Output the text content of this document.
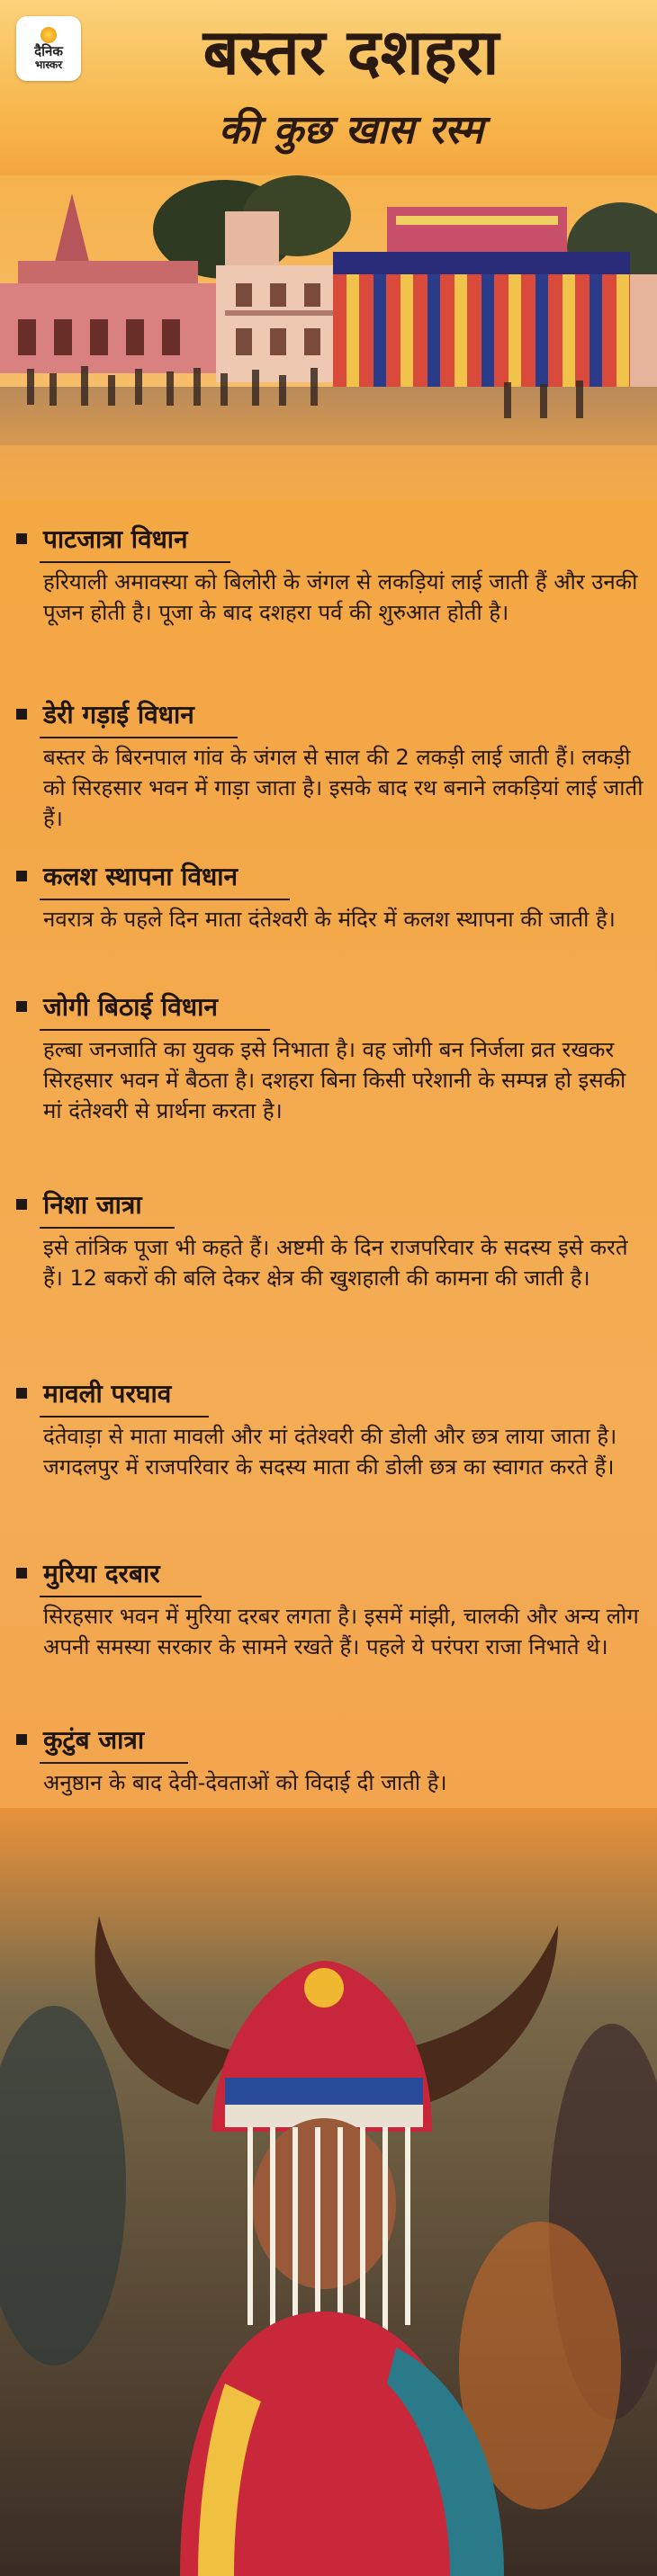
दैनिक
भास्कर	बस्तर दशहरा
की कुछ खास रस्म
पाटजात्रा विधान
हरियाली अमावस्या को बिलोरी के जंगल से लकड़ियां लाई जाती हैं और उनकी पूजन होती है। पूजा के बाद दशहरा पर्व की शुरुआत होती है।
डेरी गड़ाई विधान
बस्तर के बिरनपाल गांव के जंगल से साल की 2 लकड़ी लाई जाती हैं। लकड़ी को सिरहसार भवन में गाड़ा जाता है। इसके बाद रथ बनाने लकड़ियां लाई जाती हैं।
कलश स्थापना विधान
नवरात्र के पहले दिन माता दंतेश्वरी के मंदिर में कलश स्थापना की जाती है।
जोगी बिठाई विधान
हल्बा जनजाति का युवक इसे निभाता है। वह जोगी बन निर्जला व्रत रखकर सिरहसार भवन में बैठता है। दशहरा बिना किसी परेशानी के सम्पन्न हो इसकी मां दंतेश्वरी से प्रार्थना करता है।
निशा जात्रा
इसे तांत्रिक पूजा भी कहते हैं। अष्टमी के दिन राजपरिवार के सदस्य इसे करते हैं। 12 बकरों की बलि देकर क्षेत्र की खुशहाली की कामना की जाती है।
मावली परघाव
दंतेवाड़ा से माता मावली और मां दंतेश्वरी की डोली और छत्र लाया जाता है। जगदलपुर में राजपरिवार के सदस्य माता की डोली छत्र का स्वागत करते हैं।
मुरिया दरबार
सिरहसार भवन में मुरिया दरबर लगता है। इसमें मांझी, चालकी और अन्य लोग अपनी समस्या सरकार के सामने रखते हैं। पहले ये परंपरा राजा निभाते थे।
कुटुंब जात्रा
अनुष्ठान के बाद देवी-देवताओं को विदाई दी जाती है।
